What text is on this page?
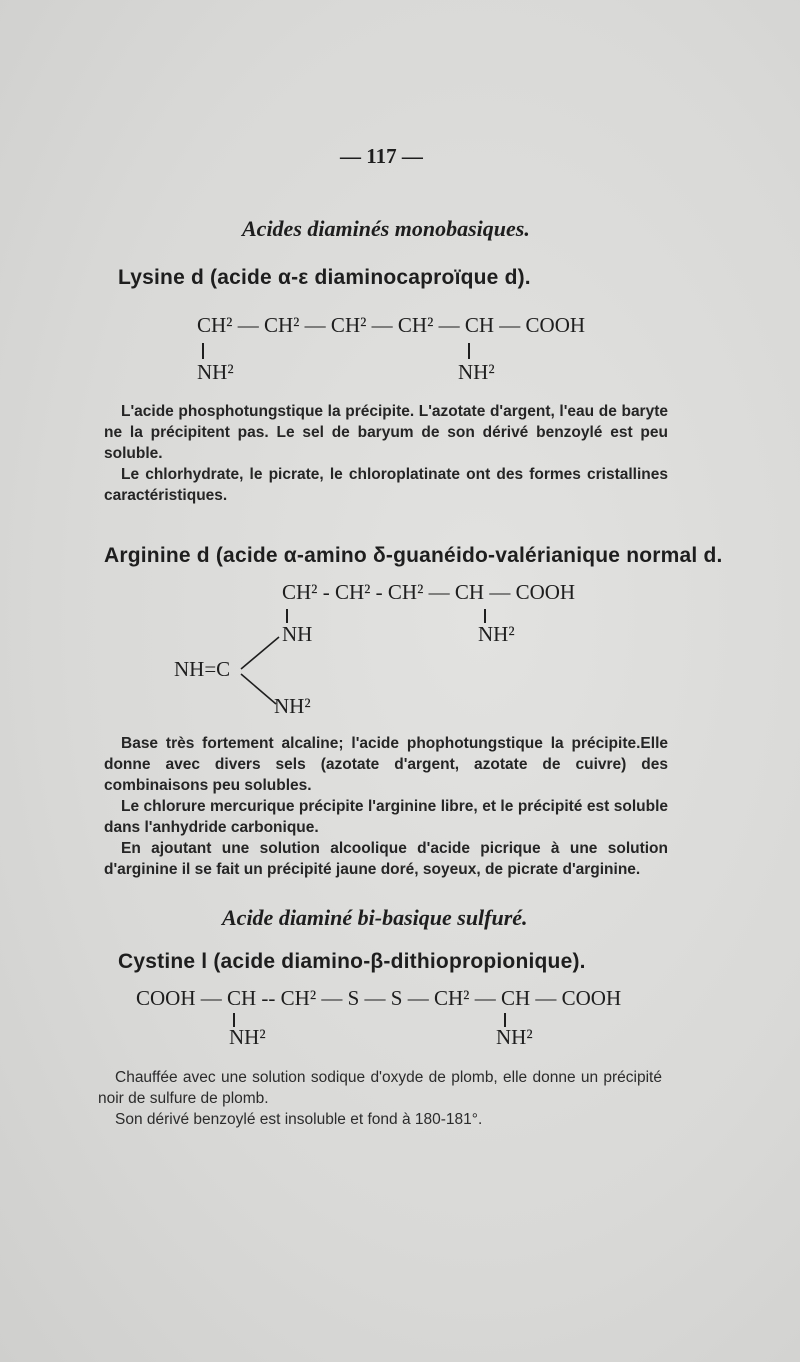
— 117 —
Acides diaminés monobasiques.
Lysine d (acide α-ε diaminocaproïque d).
CH² — CH² — CH² — CH² — CH — COOH
NH²	NH²

L'acide phosphotungstique la précipite. L'azotate d'argent, l'eau de baryte ne la précipitent pas. Le sel de baryum de son dérivé benzoylé est peu soluble.

Le chlorhydrate, le picrate, le chloroplatinate ont des formes cristallines caractéristiques.

Arginine d (acide α-amino δ-guanéido-valérianique normal d.
CH² - CH² - CH² — CH — COOH
NH	NH²
NH=C
NH²

Base très fortement alcaline; l'acide phophotungstique la précipite.Elle donne avec divers sels (azotate d'argent, azotate de cuivre) des combinaisons peu solubles.

Le chlorure mercurique précipite l'arginine libre, et le précipité est soluble dans l'anhydride carbonique.

En ajoutant une solution alcoolique d'acide picrique à une solution d'arginine il se fait un précipité jaune doré, soyeux, de picrate d'arginine.

Acide diaminé bi-basique sulfuré.
Cystine l (acide diamino-β-dithiopropionique).
COOH — CH -- CH² — S — S — CH² — CH — COOH
NH²	NH²

Chauffée avec une solution sodique d'oxyde de plomb, elle donne un précipité noir de sulfure de plomb.

Son dérivé benzoylé est insoluble et fond à 180-181°.
